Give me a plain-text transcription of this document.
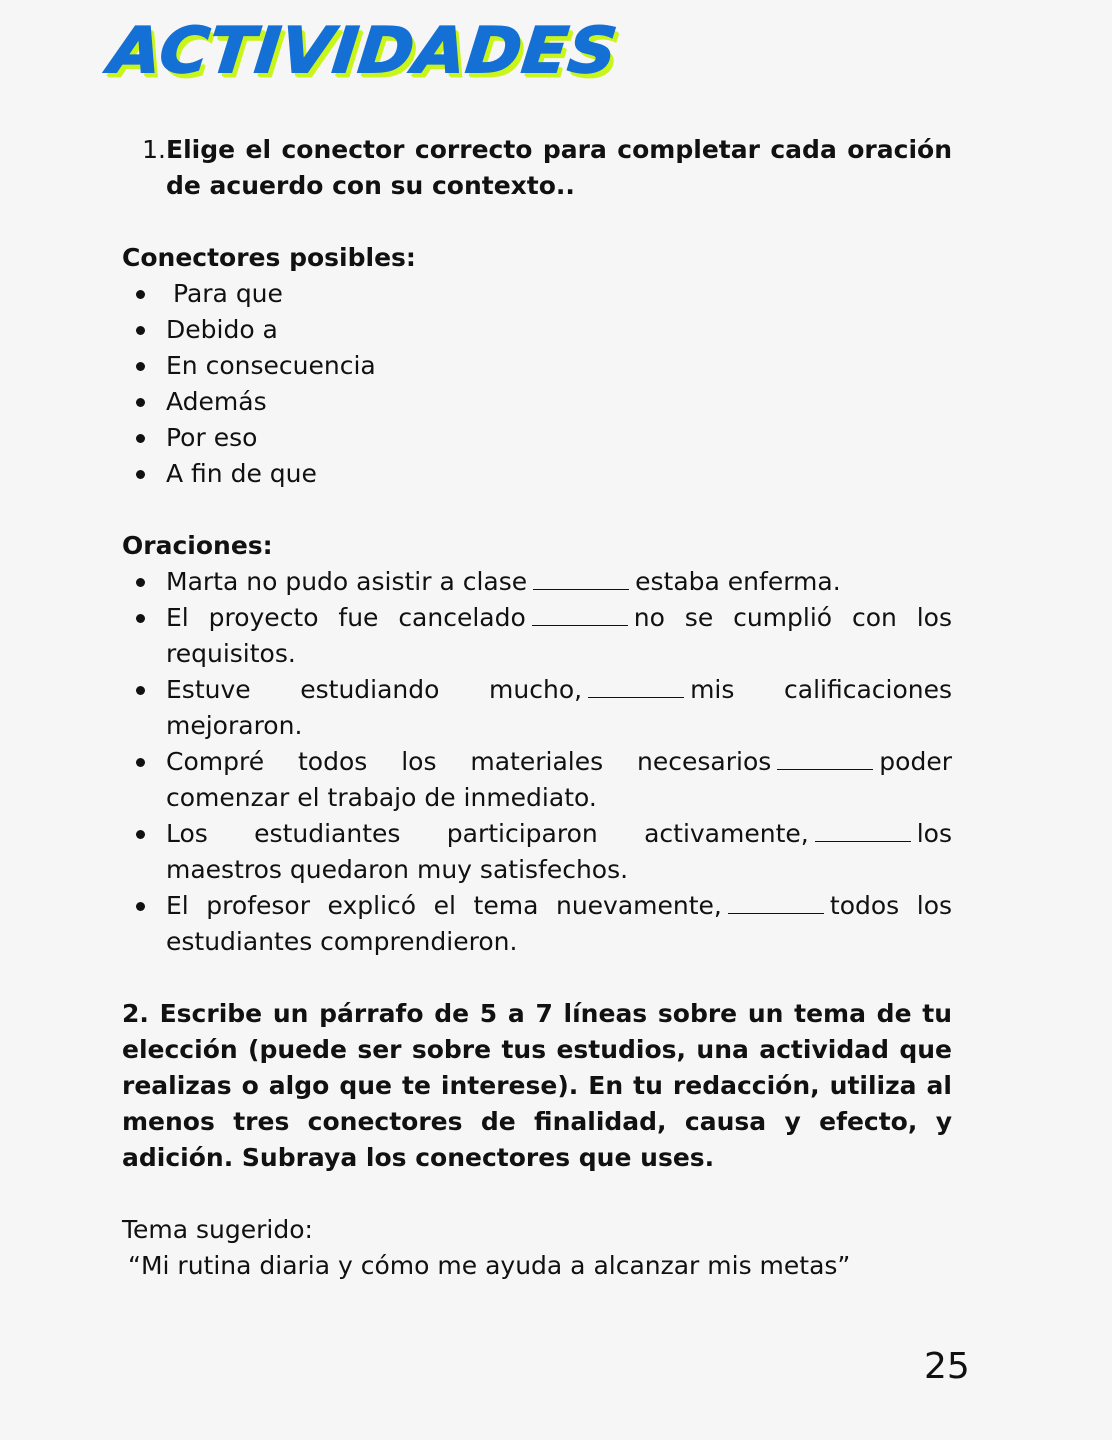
ACTIVIDADES
1. Elige el conector correcto para completar cada oración de acuerdo con su contexto..
Conectores posibles:
Para que
Debido a
En consecuencia
Además
Por eso
A fin de que
Oraciones:
Marta no pudo asistir a clase	estaba enferma.
El proyecto fue cancelado	no se cumplió con los requisitos.
Estuve estudiando mucho,	mis calificaciones mejoraron.
Compré todos los materiales necesarios	poder comenzar el trabajo de inmediato.
Los estudiantes participaron activamente,	los maestros quedaron muy satisfechos.
El profesor explicó el tema nuevamente,	todos los estudiantes comprendieron.
2. Escribe un párrafo de 5 a 7 líneas sobre un tema de tu elección (puede ser sobre tus estudios, una actividad que realizas o algo que te interese). En tu redacción, utiliza al menos tres conectores de finalidad, causa y efecto, y adición. Subraya los conectores que uses.
Tema sugerido:
“Mi rutina diaria y cómo me ayuda a alcanzar mis metas”
25
